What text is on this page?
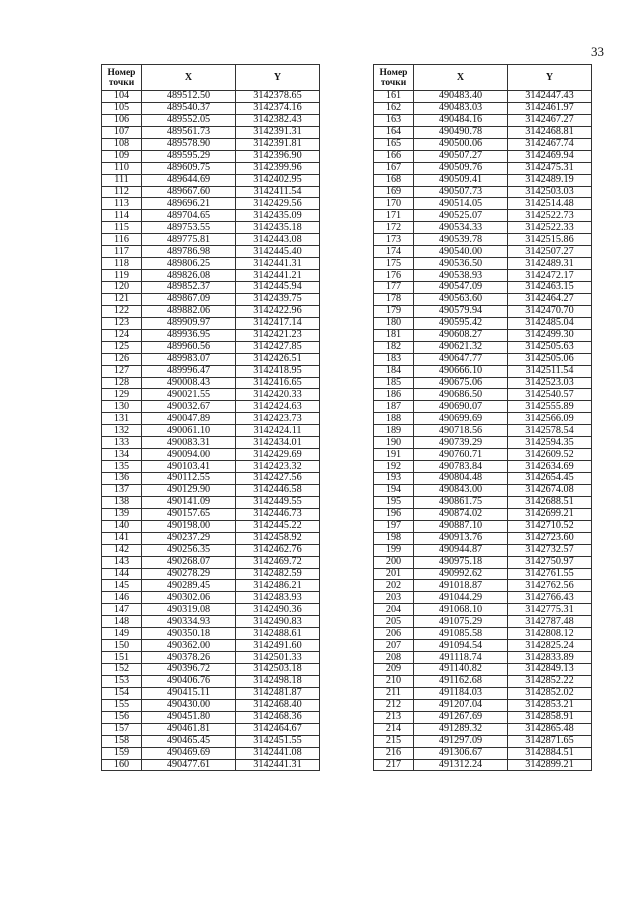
33
Номер
точки	X	Y
104	489512.50	3142378.65
105	489540.37	3142374.16
106	489552.05	3142382.43
107	489561.73	3142391.31
108	489578.90	3142391.81
109	489595.29	3142396.90
110	489609.75	3142399.96
111	489644.69	3142402.95
112	489667.60	3142411.54
113	489696.21	3142429.56
114	489704.65	3142435.09
115	489753.55	3142435.18
116	489775.81	3142443.08
117	489786.98	3142445.40
118	489806.25	3142441.31
119	489826.08	3142441.21
120	489852.37	3142445.94
121	489867.09	3142439.75
122	489882.06	3142422.96
123	489909.97	3142417.14
124	489936.95	3142421.23
125	489960.56	3142427.85
126	489983.07	3142426.51
127	489996.47	3142418.95
128	490008.43	3142416.65
129	490021.55	3142420.33
130	490032.67	3142424.63
131	490047.89	3142423.73
132	490061.10	3142424.11
133	490083.31	3142434.01
134	490094.00	3142429.69
135	490103.41	3142423.32
136	490112.55	3142427.56
137	490129.90	3142446.58
138	490141.09	3142449.55
139	490157.65	3142446.73
140	490198.00	3142445.22
141	490237.29	3142458.92
142	490256.35	3142462.76
143	490268.07	3142469.72
144	490278.29	3142482.59
145	490289.45	3142486.21
146	490302.06	3142483.93
147	490319.08	3142490.36
148	490334.93	3142490.83
149	490350.18	3142488.61
150	490362.00	3142491.60
151	490378.26	3142501.33
152	490396.72	3142503.18
153	490406.76	3142498.18
154	490415.11	3142481.87
155	490430.00	3142468.40
156	490451.80	3142468.36
157	490461.81	3142464.67
158	490465.45	3142451.55
159	490469.69	3142441.08
160	490477.61	3142441.31
Номер
точки	X	Y
161	490483.40	3142447.43
162	490483.03	3142461.97
163	490484.16	3142467.27
164	490490.78	3142468.81
165	490500.06	3142467.74
166	490507.27	3142469.94
167	490509.76	3142475.31
168	490509.41	3142489.19
169	490507.73	3142503.03
170	490514.05	3142514.48
171	490525.07	3142522.73
172	490534.33	3142522.33
173	490539.78	3142515.86
174	490540.00	3142507.27
175	490536.50	3142489.31
176	490538.93	3142472.17
177	490547.09	3142463.15
178	490563.60	3142464.27
179	490579.94	3142470.70
180	490595.42	3142485.04
181	490608.27	3142499.30
182	490621.32	3142505.63
183	490647.77	3142505.06
184	490666.10	3142511.54
185	490675.06	3142523.03
186	490686.50	3142540.57
187	490690.07	3142555.89
188	490699.69	3142566.09
189	490718.56	3142578.54
190	490739.29	3142594.35
191	490760.71	3142609.52
192	490783.84	3142634.69
193	490804.48	3142654.45
194	490843.00	3142674.08
195	490861.75	3142688.51
196	490874.02	3142699.21
197	490887.10	3142710.52
198	490913.76	3142723.60
199	490944.87	3142732.57
200	490975.18	3142750.97
201	490992.62	3142761.55
202	491018.87	3142762.56
203	491044.29	3142766.43
204	491068.10	3142775.31
205	491075.29	3142787.48
206	491085.58	3142808.12
207	491094.54	3142825.24
208	491118.74	3142833.89
209	491140.82	3142849.13
210	491162.68	3142852.22
211	491184.03	3142852.02
212	491207.04	3142853.21
213	491267.69	3142858.91
214	491289.32	3142865.48
215	491297.09	3142871.65
216	491306.67	3142884.51
217	491312.24	3142899.21
